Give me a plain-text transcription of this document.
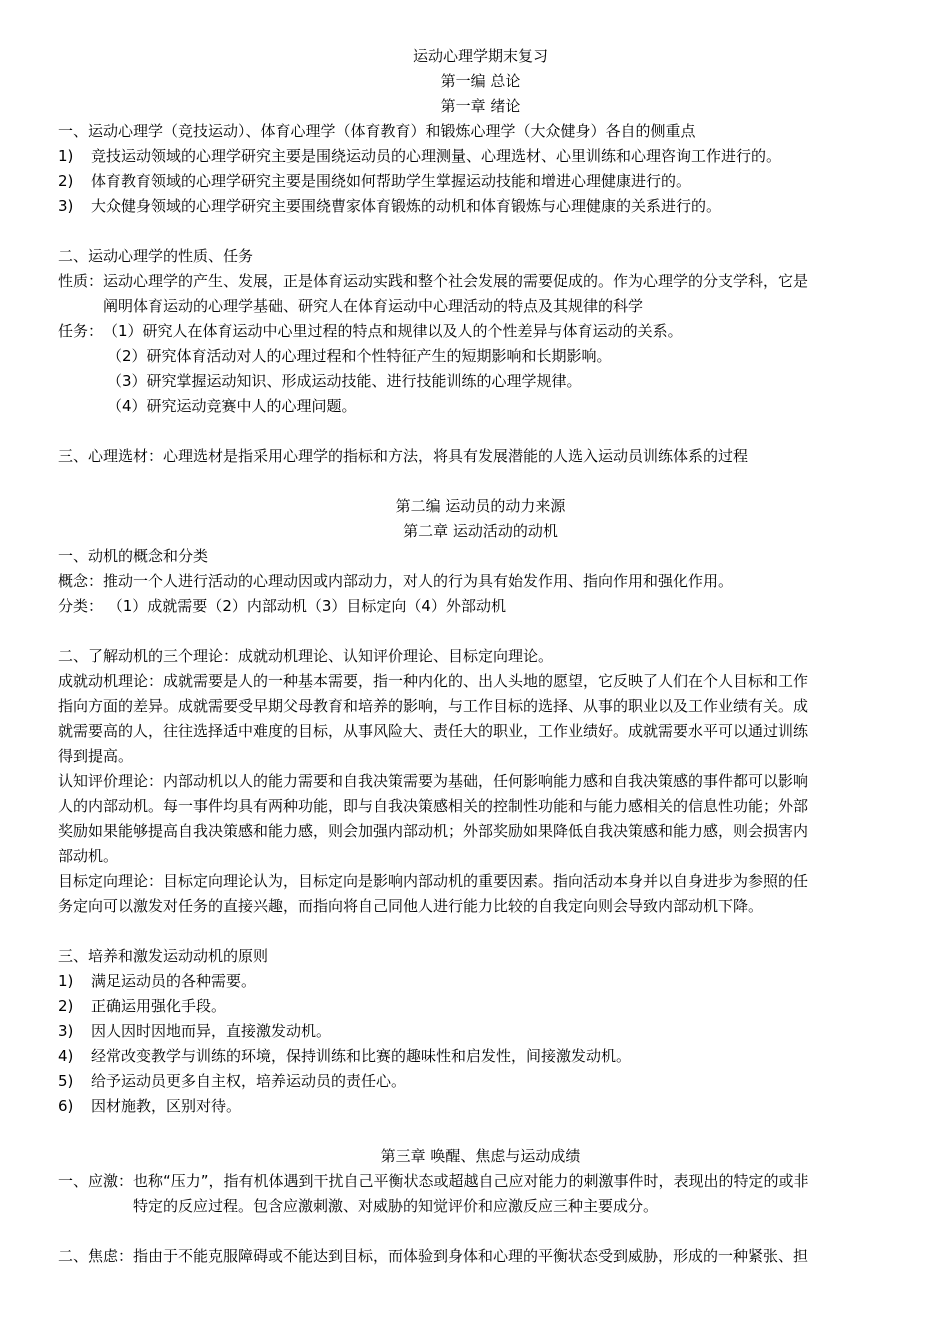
运动心理学期末复习
第一编 总论
第一章 绪论
一、运动心理学（竞技运动）、体育心理学（体育教育）和锻炼心理学（大众健身）各自的侧重点
1)	竞技运动领域的心理学研究主要是围绕运动员的心理测量、心理选材、心里训练和心理咨询工作进行的。
2)	体育教育领域的心理学研究主要是围绕如何帮助学生掌握运动技能和增进心理健康进行的。
3)	大众健身领域的心理学研究主要围绕曹家体育锻炼的动机和体育锻炼与心理健康的关系进行的。
二、运动心理学的性质、任务
性质： 运动心理学的产生、发展，正是体育运动实践和整个社会发展的需要促成的。作为心理学的分支学科，它是
阐明体育运动的心理学基础、研究人在体育运动中心理活动的特点及其规律的科学
任务： （1）研究人在体育运动中心里过程的特点和规律以及人的个性差异与体育运动的关系。
（2）研究体育活动对人的心理过程和个性特征产生的短期影响和长期影响。
（3）研究掌握运动知识、形成运动技能、进行技能训练的心理学规律。
（4）研究运动竞赛中人的心理问题。
三、心理选材：心理选材是指采用心理学的指标和方法，将具有发展潜能的人选入运动员训练体系的过程
第二编 运动员的动力来源
第二章 运动活动的动机
一、动机的概念和分类
概念：推动一个人进行活动的心理动因或内部动力，对人的行为具有始发作用、指向作用和强化作用。
分类： （1）成就需要（2）内部动机（3）目标定向（4）外部动机
二、了解动机的三个理论：成就动机理论、认知评价理论、目标定向理论。
成就动机理论：成就需要是人的一种基本需要，指一种内化的、出人头地的愿望，它反映了人们在个人目标和工作
指向方面的差异。成就需要受早期父母教育和培养的影响，与工作目标的选择、从事的职业以及工作业绩有关。成
就需要高的人，往往选择适中难度的目标，从事风险大、责任大的职业，工作业绩好。成就需要水平可以通过训练
得到提高。
认知评价理论：内部动机以人的能力需要和自我决策需要为基础，任何影响能力感和自我决策感的事件都可以影响
人的内部动机。每一事件均具有两种功能，即与自我决策感相关的控制性功能和与能力感相关的信息性功能；外部
奖励如果能够提高自我决策感和能力感，则会加强内部动机；外部奖励如果降低自我决策感和能力感，则会损害内
部动机。
目标定向理论：目标定向理论认为，目标定向是影响内部动机的重要因素。指向活动本身并以自身进步为参照的任
务定向可以激发对任务的直接兴趣，而指向将自己同他人进行能力比较的自我定向则会导致内部动机下降。
三、培养和激发运动动机的原则
1)	满足运动员的各种需要。
2)	正确运用强化手段。
3)	因人因时因地而异，直接激发动机。
4)	经常改变教学与训练的环境，保持训练和比赛的趣味性和启发性，间接激发动机。
5)	给予运动员更多自主权，培养运动员的责任心。
6)	因材施教，区别对待。
第三章 唤醒、焦虑与运动成绩
一、应激： 也称“压力”，指有机体遇到干扰自己平衡状态或超越自己应对能力的刺激事件时，表现出的特定的或非
特定的反应过程。包含应激刺激、对威胁的知觉评价和应激反应三种主要成分。
二、焦虑：指由于不能克服障碍或不能达到目标，而体验到身体和心理的平衡状态受到威胁，形成的一种紧张、担
